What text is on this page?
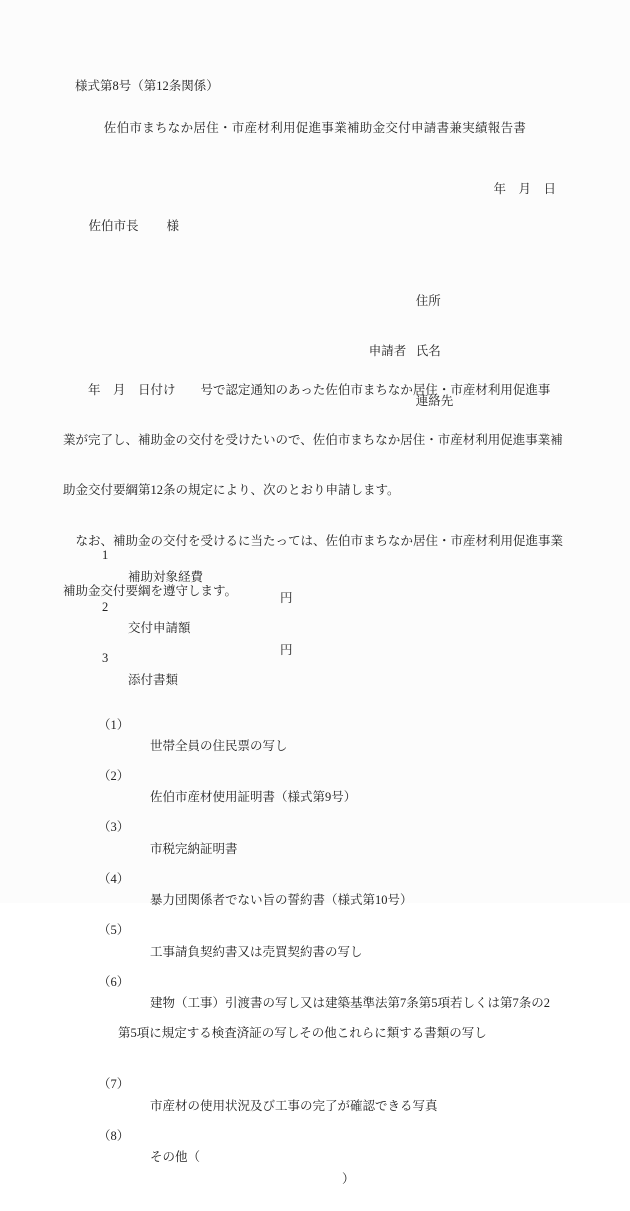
様式第8号（第12条関係）
佐伯市まちなか居住・市産材利用促進事業補助金交付申請書兼実績報告書
年　月　日

佐伯市長 様

住所

申請者 氏名

連絡先

　　年　月　日付け　　号で認定通知のあった佐伯市まちなか居住・市産材利用促進事

業が完了し、補助金の交付を受けたいので、佐伯市まちなか居住・市産材利用促進事業補

助金交付要綱第12条の規定により、次のとおり申請します。

　なお、補助金の交付を受けるに当たっては、佐伯市まちなか居住・市産材利用促進事業

補助金交付要綱を遵守します。

1

補助対象経費

円

2

交付申請額

円

3

添付書類

（1）

世帯全員の住民票の写し

（2）

佐伯市産材使用証明書（様式第9号）

（3）

市税完納証明書

（4）

暴力団関係者でない旨の誓約書（様式第10号）

（5）

工事請負契約書又は売買契約書の写し

（6）

建物（工事）引渡書の写し又は建築基準法第7条第5項若しくは第7条の2

第5項に規定する検査済証の写しその他これらに類する書類の写し

（7）

市産材の使用状況及び工事の完了が確認できる写真

（8）

その他（

）
